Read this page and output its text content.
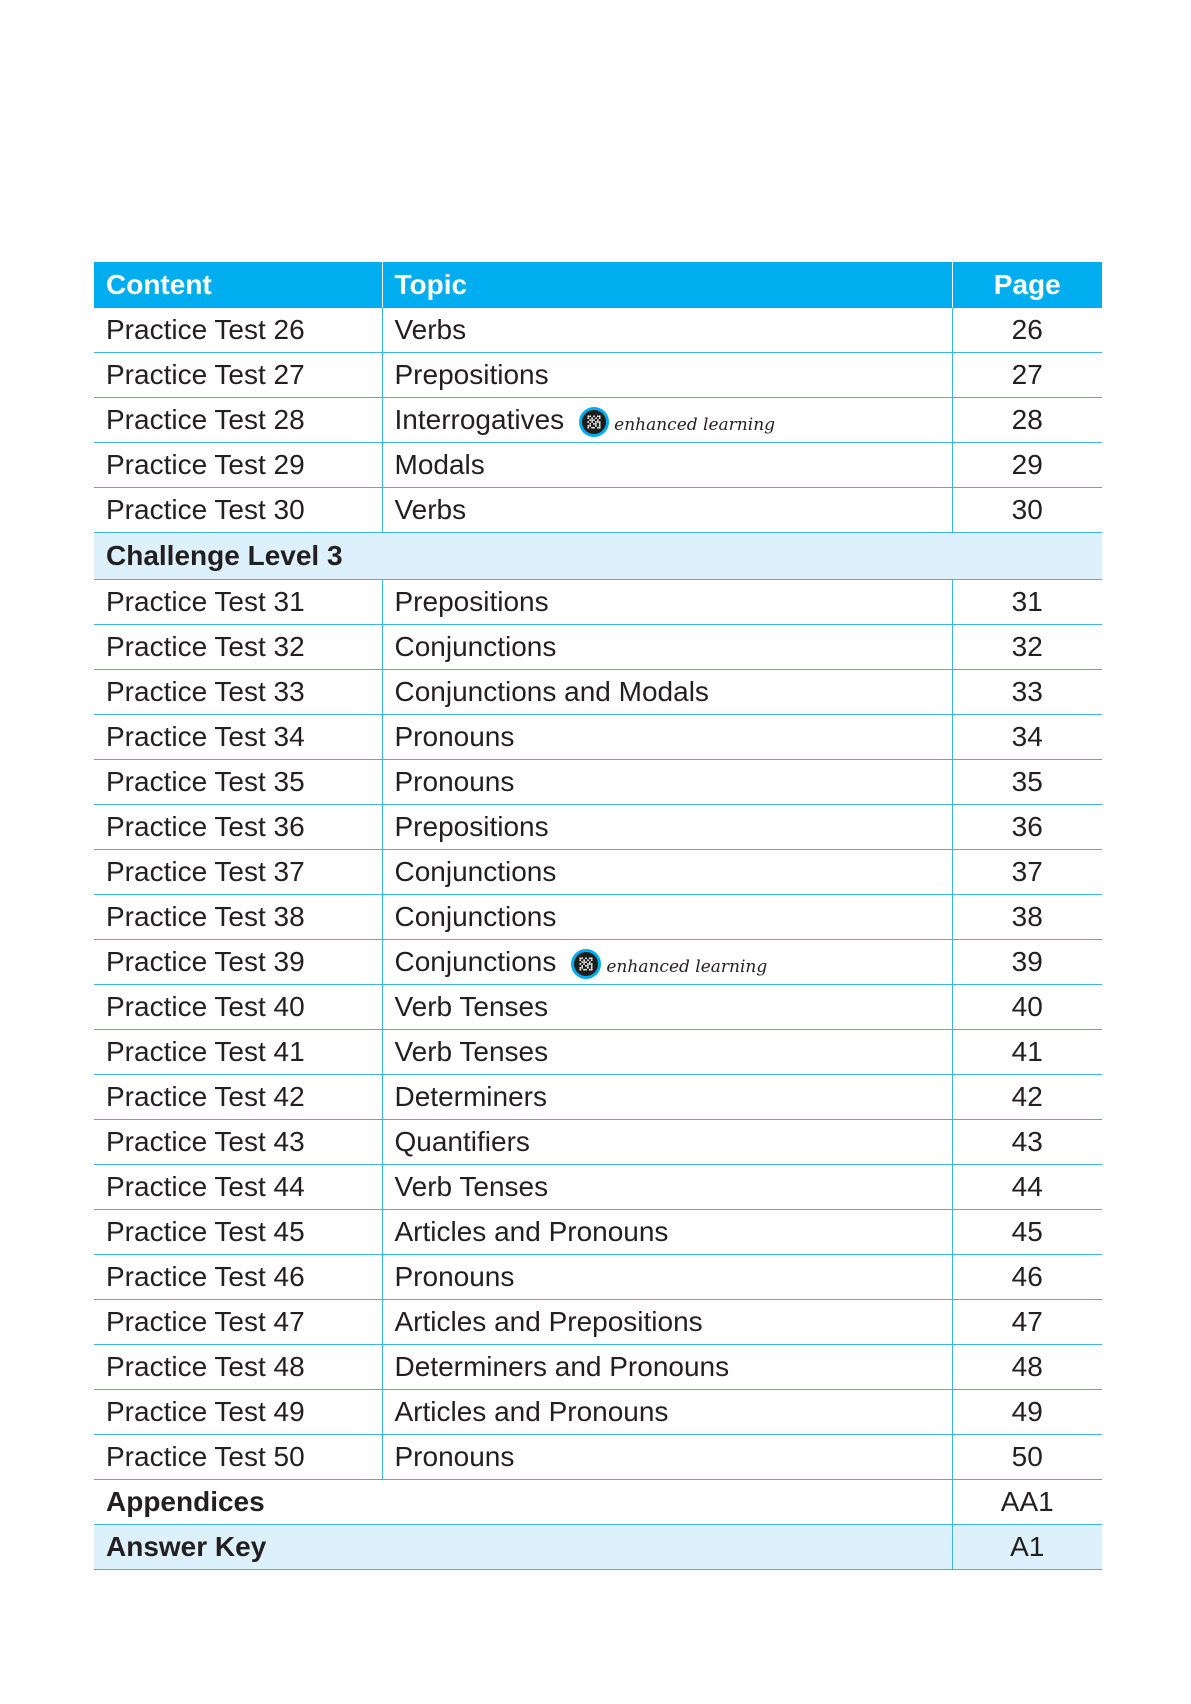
Content	Topic	Page
Practice Test 26	Verbs	26
Practice Test 27	Prepositions	27
Practice Test 28	Interrogatives enhanced learning	28
Practice Test 29	Modals	29
Practice Test 30	Verbs	30
Challenge Level 3		
Practice Test 31	Prepositions	31
Practice Test 32	Conjunctions	32
Practice Test 33	Conjunctions and Modals	33
Practice Test 34	Pronouns	34
Practice Test 35	Pronouns	35
Practice Test 36	Prepositions	36
Practice Test 37	Conjunctions	37
Practice Test 38	Conjunctions	38
Practice Test 39	Conjunctions enhanced learning	39
Practice Test 40	Verb Tenses	40
Practice Test 41	Verb Tenses	41
Practice Test 42	Determiners	42
Practice Test 43	Quantifiers	43
Practice Test 44	Verb Tenses	44
Practice Test 45	Articles and Pronouns	45
Practice Test 46	Pronouns	46
Practice Test 47	Articles and Prepositions	47
Practice Test 48	Determiners and Pronouns	48
Practice Test 49	Articles and Pronouns	49
Practice Test 50	Pronouns	50
Appendices		AA1
Answer Key		A1
